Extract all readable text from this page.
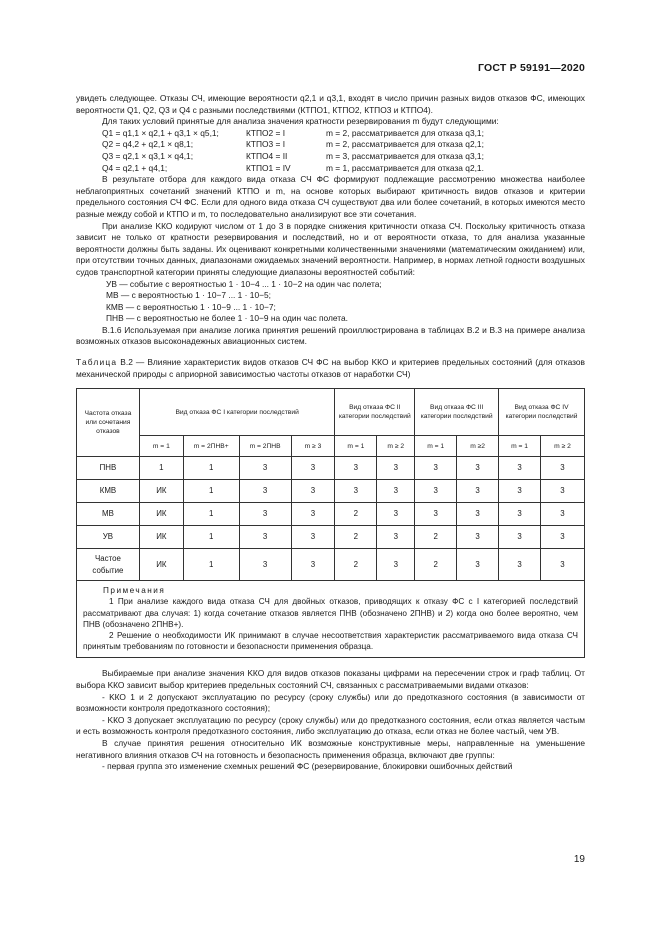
ГОСТ Р 59191—2020

увидеть следующее. Отказы СЧ, имеющие вероятности q2,1 и q3,1, входят в число причин разных видов отказов ФС, имеющих вероятности Q1, Q2, Q3 и Q4 с разными последствиями (КТПО1, КТПО2, КТПО3 и КТПО4).

Для таких условий принятые для анализа значения кратности резервирования m будут следующими:

Q1 = q1,1 × q2,1 + q3,1 × q5,1;	КТПО2 = I	m = 2, рассматривается для отказа q3,1;
Q2 = q4,2 + q2,1 × q8,1;	КТПО3 = I	m = 2, рассматривается для отказа q2,1;
Q3 = q2,1 × q3,1 × q4,1;	КТПО4 = II	m = 3, рассматривается для отказа q3,1;
Q4 = q2,1 + q4,1;	КТПО1 = IV	m = 1, рассматривается для отказа q2,1.

В результате отбора для каждого вида отказа СЧ ФС формируют подлежащие рассмотрению множества наиболее неблагоприятных сочетаний значений КТПО и m, на основе которых выбирают критичность видов отказов и критерии предельного состояния СЧ ФС. Если для одного вида отказа СЧ существуют два или более сочетаний, в которых имеются место разные между собой и КТПО и m, то последовательно анализируют все эти сочетания.

При анализе KКО кодируют числом от 1 до 3 в порядке снижения критичности отказа СЧ. Поскольку критичность отказа зависит не только от кратности резервирования и последствий, но и от вероятности отказа, то для анализа указанные вероятности должны быть заданы. Их оценивают конкретными количественными значениями (математическим ожиданием) или, при отсутствии точных данных, диапазонами ожидаемых значений вероятности. Например, в нормах летной годности воздушных судов транспортной категории приняты следующие диапазоны вероятностей событий:

УВ — событие с вероятностью 1 · 10−4 ... 1 · 10−2 на один час полета;

МВ — с вероятностью 1 · 10−7 ... 1 · 10−5;

КМВ — с вероятностью 1 · 10−9 ... 1 · 10−7;

ПНВ — с вероятностью не более 1 · 10−9 на один час полета.

В.1.6 Используемая при анализе логика принятия решений проиллюстрирована в таблицах В.2 и В.3 на примере анализа возможных отказов высоконадежных авиационных систем.

Таблица В.2 — Влияние характеристик видов отказов СЧ ФС на выбор KКО и критериев предельных состояний (для отказов механической природы с априорной зависимостью частоты отказов от наработки СЧ)

Частота отказа или сочетания отказов	Вид отказа ФС I категории последствий				Вид отказа ФС II категории последствий		Вид отказа ФС III категории последствий		Вид отказа ФС IV категории последствий	
	m = 1	m = 2ПНВ+	m = 2ПНВ	m ≥ 3	m = 1	m ≥ 2	m = 1	m ≥2	m = 1	m ≥ 2
ПНВ	1	1	3	3	3	3	3	3	3	3
КМВ	ИК	1	3	3	3	3	3	3	3	3
МВ	ИК	1	3	3	2	3	3	3	3	3
УВ	ИК	1	3	3	2	3	2	3	3	3
Частое событие	ИК	1	3	3	2	3	2	3	3	3

Примечания
1 При анализе каждого вида отказа СЧ для двойных отказов, приводящих к отказу ФС с I категорией последствий рассматривают два случая: 1) когда сочетание отказов является ПНВ (обозначено 2ПНВ) и 2) когда оно более вероятно, чем ПНВ (обозначено 2ПНВ+).
2 Решение о необходимости ИК принимают в случае несоответствия характеристик рассматриваемого вида отказа СЧ принятым требованиям по готовности и безопасности применения образца.										

Выбираемые при анализе значения KКО для видов отказов показаны цифрами на пересечении строк и граф таблиц. От выбора KКО зависит выбор критериев предельных состояний СЧ, связанных с рассматриваемыми видами отказов:

- KКО 1 и 2 допускают эксплуатацию по ресурсу (сроку службы) или до предотказного состояния (в зависимости от возможности контроля предотказного состояния);

- KКО 3 допускает эксплуатацию по ресурсу (сроку службы) или до предотказного состояния, если отказ является частым и есть возможность контроля предотказного состояния, либо эксплуатацию до отказа, если отказ не более частый, чем УВ.

В случае принятия решения относительно ИК возможные конструктивные меры, направленные на уменьшение негативного влияния отказов СЧ на готовность и безопасность применения образца, включают две группы:

- первая группа это изменение схемных решений ФС (резервирование, блокировки ошибочных действий

19
